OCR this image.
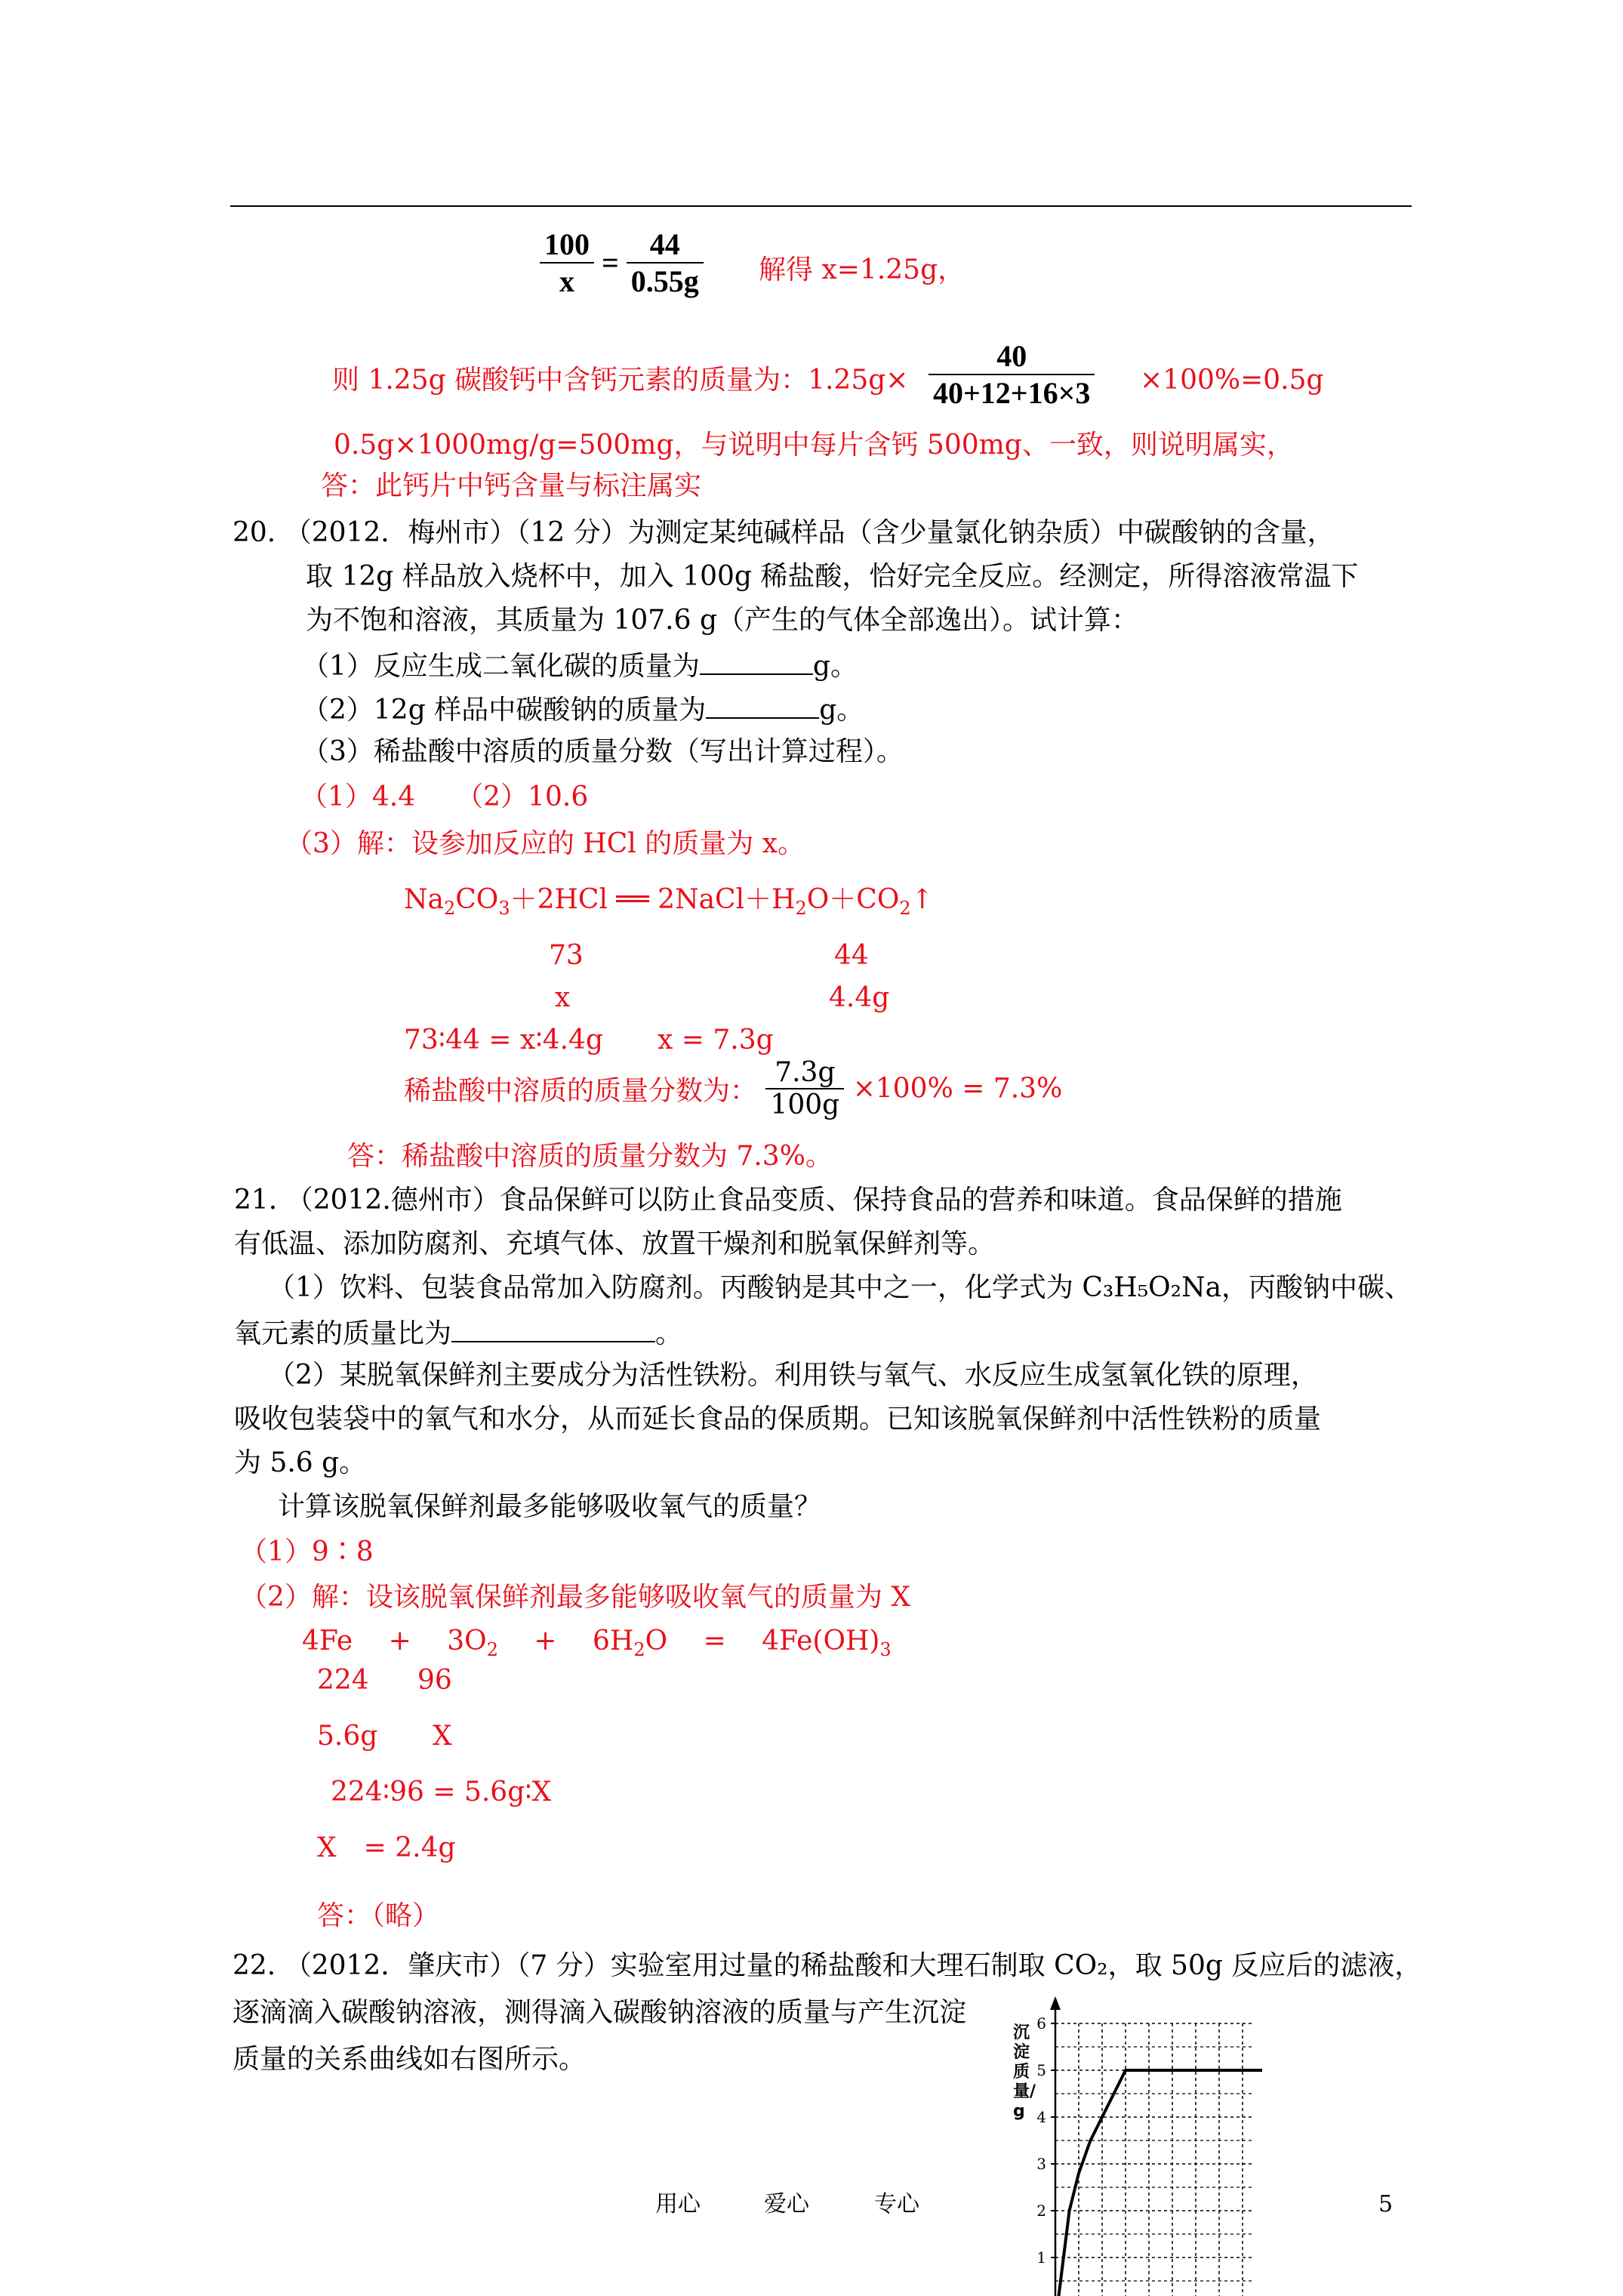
$\frac{100}{x} = \frac{44}{0.55g}$ 解得 x=1.25g，
则 1.25g 碳酸钙中含钙元素的质量为：$1.25g\times \frac{40}{40+12+16\times 3} \times 100\%=0.5g$
0.5g×1000mg/g=500mg，与说明中每片含钙 500mg、一致，则说明属实，
答：此钙片中钙含量与标注属实
20. （2012．梅州市）（12 分）为测定某纯碱样品（含少量氯化钠杂质）中碳酸钠的含量，
取 12g 样品放入烧杯中，加入 100g 稀盐酸，恰好完全反应。经测定，所得溶液常温下
为不饱和溶液，其质量为 107.6 g（产生的气体全部逸出）。试计算：
（1）反应生成二氧化碳的质量为	g。
（2）12g 样品中碳酸钠的质量为	g。
（3）稀盐酸中溶质的质量分数（写出计算过程）。
（1）4.4　　（2）10.6
（3）解：设参加反应的 HCl 的质量为 x。
$Na_2CO_3+2HCl$ ══ $2NaCl+H_2O+CO_2↑$
73	44
x	4.4g
73∶44 = x∶4.4g　　x = 7.3g
稀盐酸中溶质的质量分数为： $\frac{7.3g}{100g} \times 100\% = 7.3\%$
答：稀盐酸中溶质的质量分数为 7.3%。
21. （2012.德州市）食品保鲜可以防止食品变质、保持食品的营养和味道。食品保鲜的措施
有低温、添加防腐剂、充填气体、放置干燥剂和脱氧保鲜剂等。
（1）饮料、包装食品常加入防腐剂。丙酸钠是其中之一，化学式为 C₃H₅O₂Na，丙酸钠中碳、
氧元素的质量比为	。
（2）某脱氧保鲜剂主要成分为活性铁粉。利用铁与氧气、水反应生成氢氧化铁的原理，
吸收包装袋中的氧气和水分，从而延长食品的保质期。已知该脱氧保鲜剂中活性铁粉的质量
为 5.6 g。
计算该脱氧保鲜剂最多能够吸收氧气的质量？
（1）9∶8
（2）解：设该脱氧保鲜剂最多能够吸收氧气的质量为 X
4Fe　 + 　$3O_2$　 + 　$6H_2O$　 = 　$4Fe(OH)_3$
224 96
5.6g X
224∶96 = 5.6g∶X
X　= 2.4g
答：（略）
22. （2012．肇庆市）（7 分）实验室用过量的稀盐酸和大理石制取 CO₂，取 50g 反应后的滤液，
逐滴滴入碳酸钠溶液，测得滴入碳酸钠溶液的质量与产生沉淀
质量的关系曲线如右图所示。
沉淀质量/g
1
2
3
4
5
6
用心	爱心	专心	5
